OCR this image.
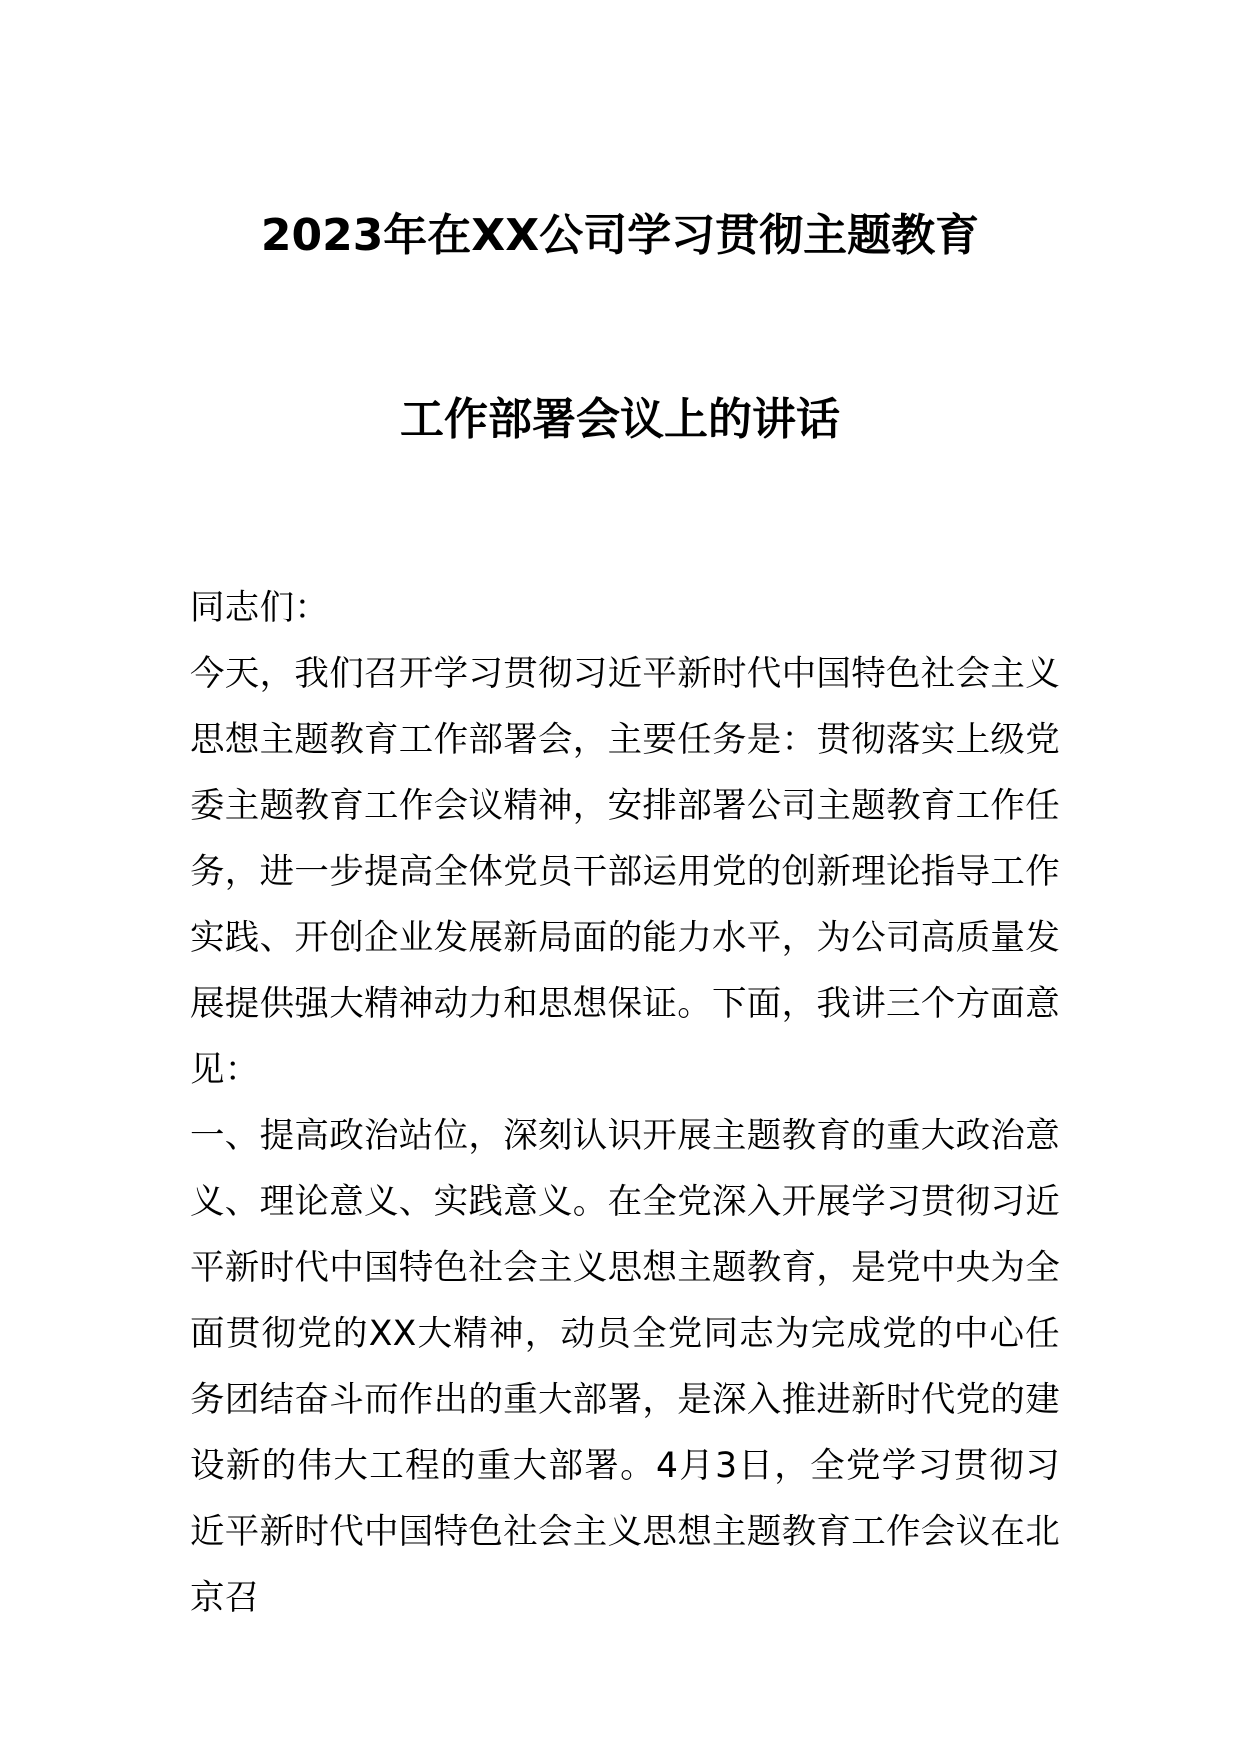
2023年在XX公司学习贯彻主题教育
工作部署会议上的讲话

同志们：

今天，我们召开学习贯彻习近平新时代中国特色社会主义思想主题教育工作部署会，主要任务是：贯彻落实上级党委主题教育工作会议精神，安排部署公司主题教育工作任务，进一步提高全体党员干部运用党的创新理论指导工作实践、开创企业发展新局面的能力水平，为公司高质量发展提供强大精神动力和思想保证。下面，我讲三个方面意见：

一、提高政治站位，深刻认识开展主题教育的重大政治意义、理论意义、实践意义。在全党深入开展学习贯彻习近平新时代中国特色社会主义思想主题教育，是党中央为全面贯彻党的XX大精神，动员全党同志为完成党的中心任务团结奋斗而作出的重大部署，是深入推进新时代党的建设新的伟大工程的重大部署。4月3日，全党学习贯彻习近平新时代中国特色社会主义思想主题教育工作会议在北京召
